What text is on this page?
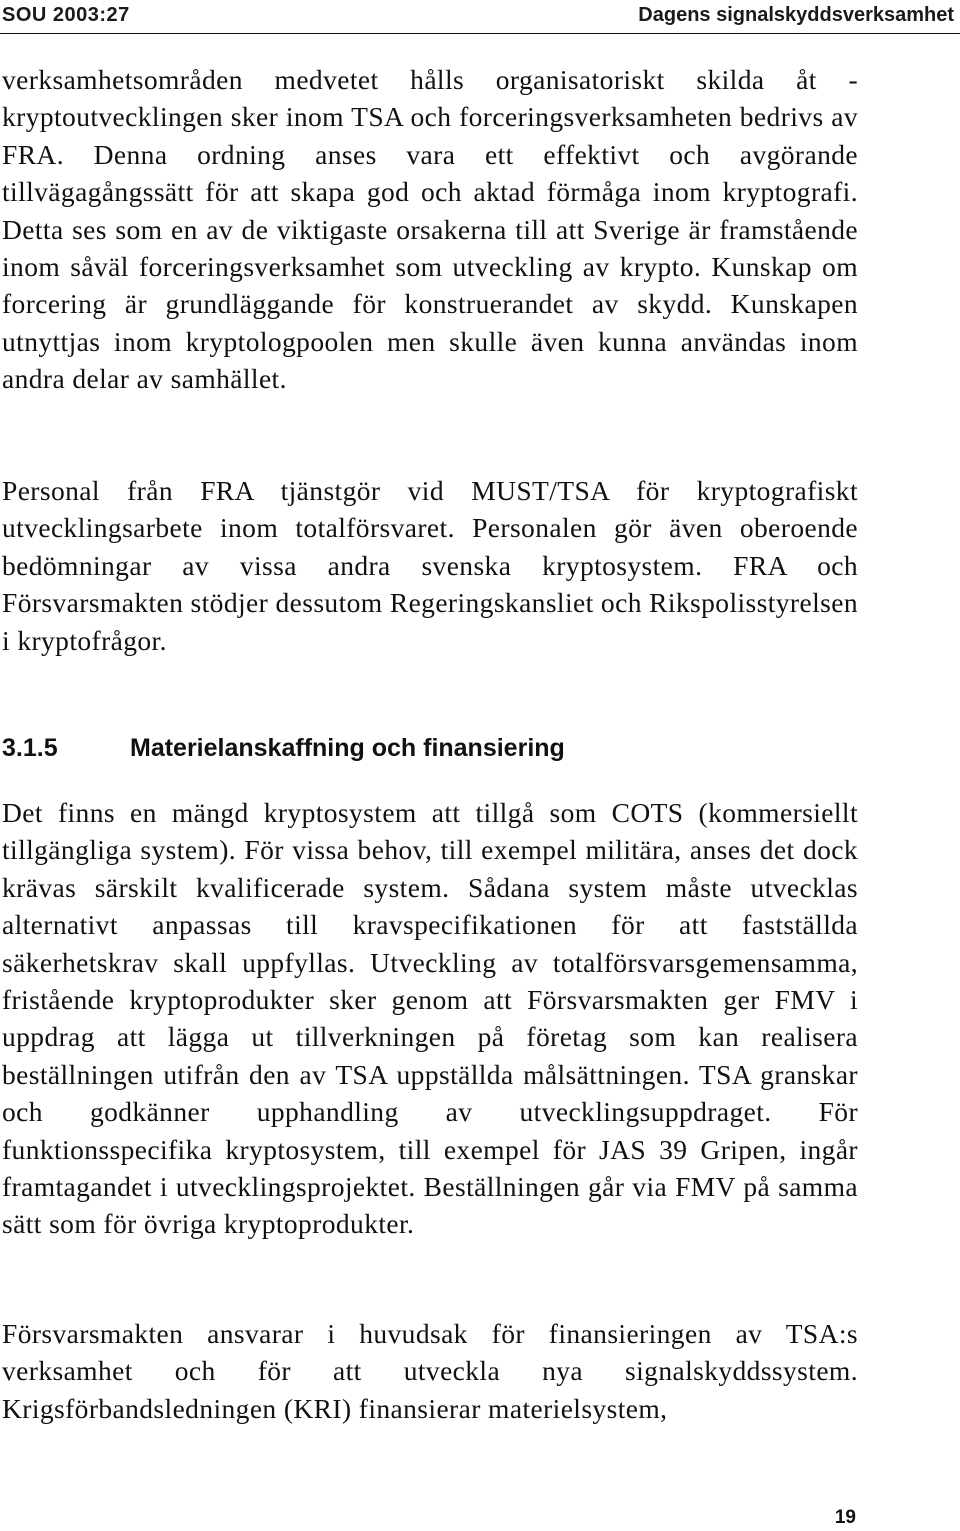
SOU 2003:27	Dagens signalskyddsverksamhet

verksamhetsområden medvetet hålls organisatoriskt skilda åt - kryptoutvecklingen sker inom TSA och forceringsverksamheten bedrivs av FRA. Denna ordning anses vara ett effektivt och avgörande tillvägagångssätt för att skapa god och aktad förmåga inom kryptografi. Detta ses som en av de viktigaste orsakerna till att Sverige är framstående inom såväl forceringsverksamhet som utveckling av krypto. Kunskap om forcering är grundläggande för konstruerandet av skydd. Kunskapen utnyttjas inom kryptologpoolen men skulle även kunna användas inom andra delar av samhället.

Personal från FRA tjänstgör vid MUST/TSA för kryptografiskt utvecklingsarbete inom totalförsvaret. Personalen gör även oberoende bedömningar av vissa andra svenska kryptosystem. FRA och Försvarsmakten stödjer dessutom Regeringskansliet och Rikspolisstyrelsen i kryptofrågor.

3.1.5	Materielanskaffning och finansiering

Det finns en mängd kryptosystem att tillgå som COTS (kommersiellt tillgängliga system). För vissa behov, till exempel militära, anses det dock krävas särskilt kvalificerade system. Sådana system måste utvecklas alternativt anpassas till kravspecifikationen för att fastställda säkerhetskrav skall uppfyllas. Utveckling av totalförsvarsgemensamma, fristående kryptoprodukter sker genom att Försvarsmakten ger FMV i uppdrag att lägga ut tillverkningen på företag som kan realisera beställningen utifrån den av TSA uppställda målsättningen. TSA granskar och godkänner upphandling av utvecklingsuppdraget. För funktionsspecifika kryptosystem, till exempel för JAS 39 Gripen, ingår framtagandet i utvecklingsprojektet. Beställningen går via FMV på samma sätt som för övriga kryptoprodukter.

Försvarsmakten ansvarar i huvudsak för finansieringen av TSA:s verksamhet och för att utveckla nya signalskyddssystem. Krigsförbandsledningen (KRI) finansierar materielsystem,

19
